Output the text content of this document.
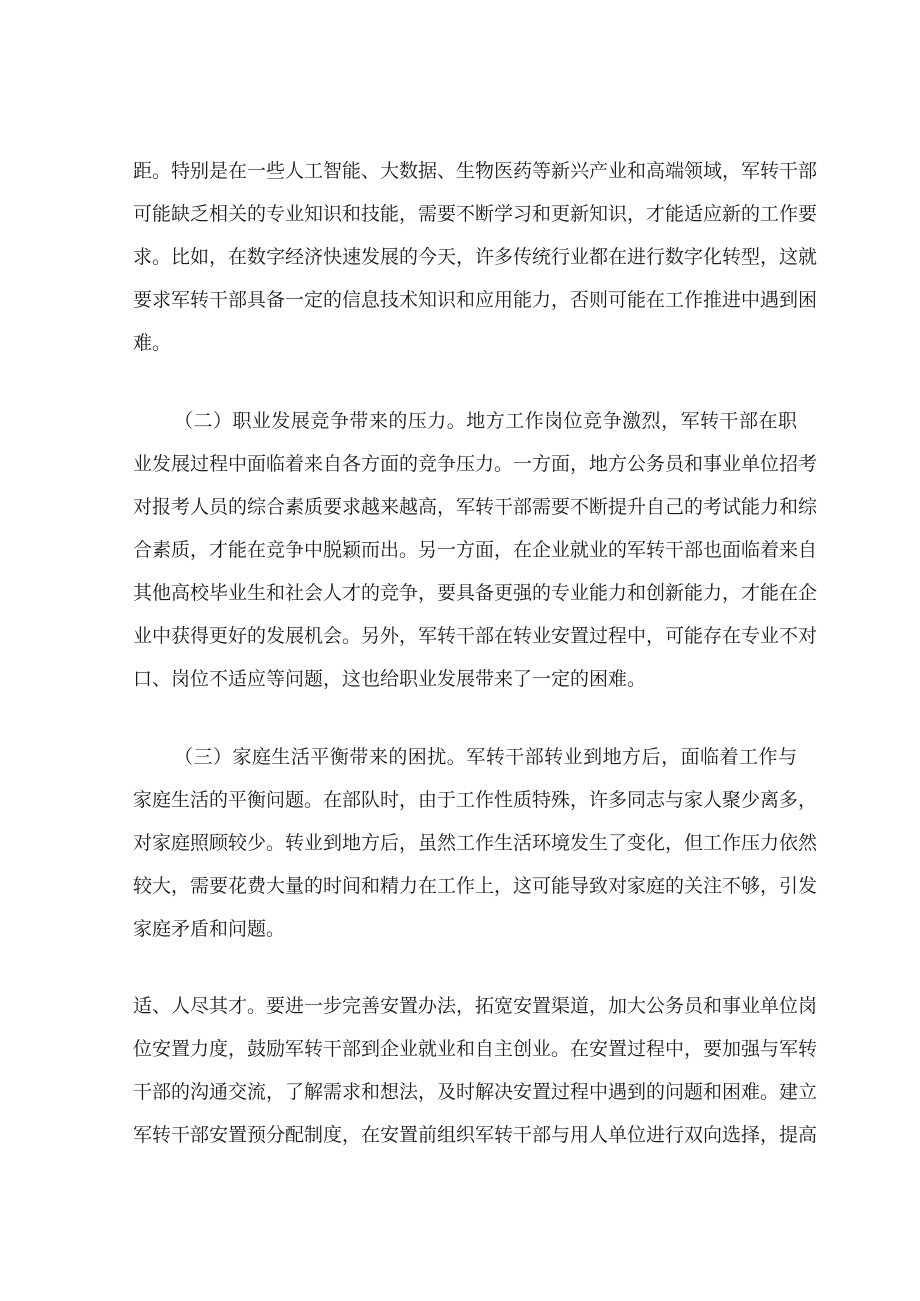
距。特别是在一些人工智能、大数据、生物医药等新兴产业和高端领域，军转干部
可能缺乏相关的专业知识和技能，需要不断学习和更新知识，才能适应新的工作要
求。比如，在数字经济快速发展的今天，许多传统行业都在进行数字化转型，这就
要求军转干部具备一定的信息技术知识和应用能力，否则可能在工作推进中遇到困
难。
（二）职业发展竞争带来的压力。地方工作岗位竞争激烈，军转干部在职
业发展过程中面临着来自各方面的竞争压力。一方面，地方公务员和事业单位招考
对报考人员的综合素质要求越来越高，军转干部需要不断提升自己的考试能力和综
合素质，才能在竞争中脱颖而出。另一方面，在企业就业的军转干部也面临着来自
其他高校毕业生和社会人才的竞争，要具备更强的专业能力和创新能力，才能在企
业中获得更好的发展机会。另外，军转干部在转业安置过程中，可能存在专业不对
口、岗位不适应等问题，这也给职业发展带来了一定的困难。
（三）家庭生活平衡带来的困扰。军转干部转业到地方后，面临着工作与
家庭生活的平衡问题。在部队时，由于工作性质特殊，许多同志与家人聚少离多，
对家庭照顾较少。转业到地方后，虽然工作生活环境发生了变化，但工作压力依然
较大，需要花费大量的时间和精力在工作上，这可能导致对家庭的关注不够，引发
家庭矛盾和问题。
适、人尽其才。要进一步完善安置办法，拓宽安置渠道，加大公务员和事业单位岗
位安置力度，鼓励军转干部到企业就业和自主创业。在安置过程中，要加强与军转
干部的沟通交流，了解需求和想法，及时解决安置过程中遇到的问题和困难。建立
军转干部安置预分配制度，在安置前组织军转干部与用人单位进行双向选择，提高
